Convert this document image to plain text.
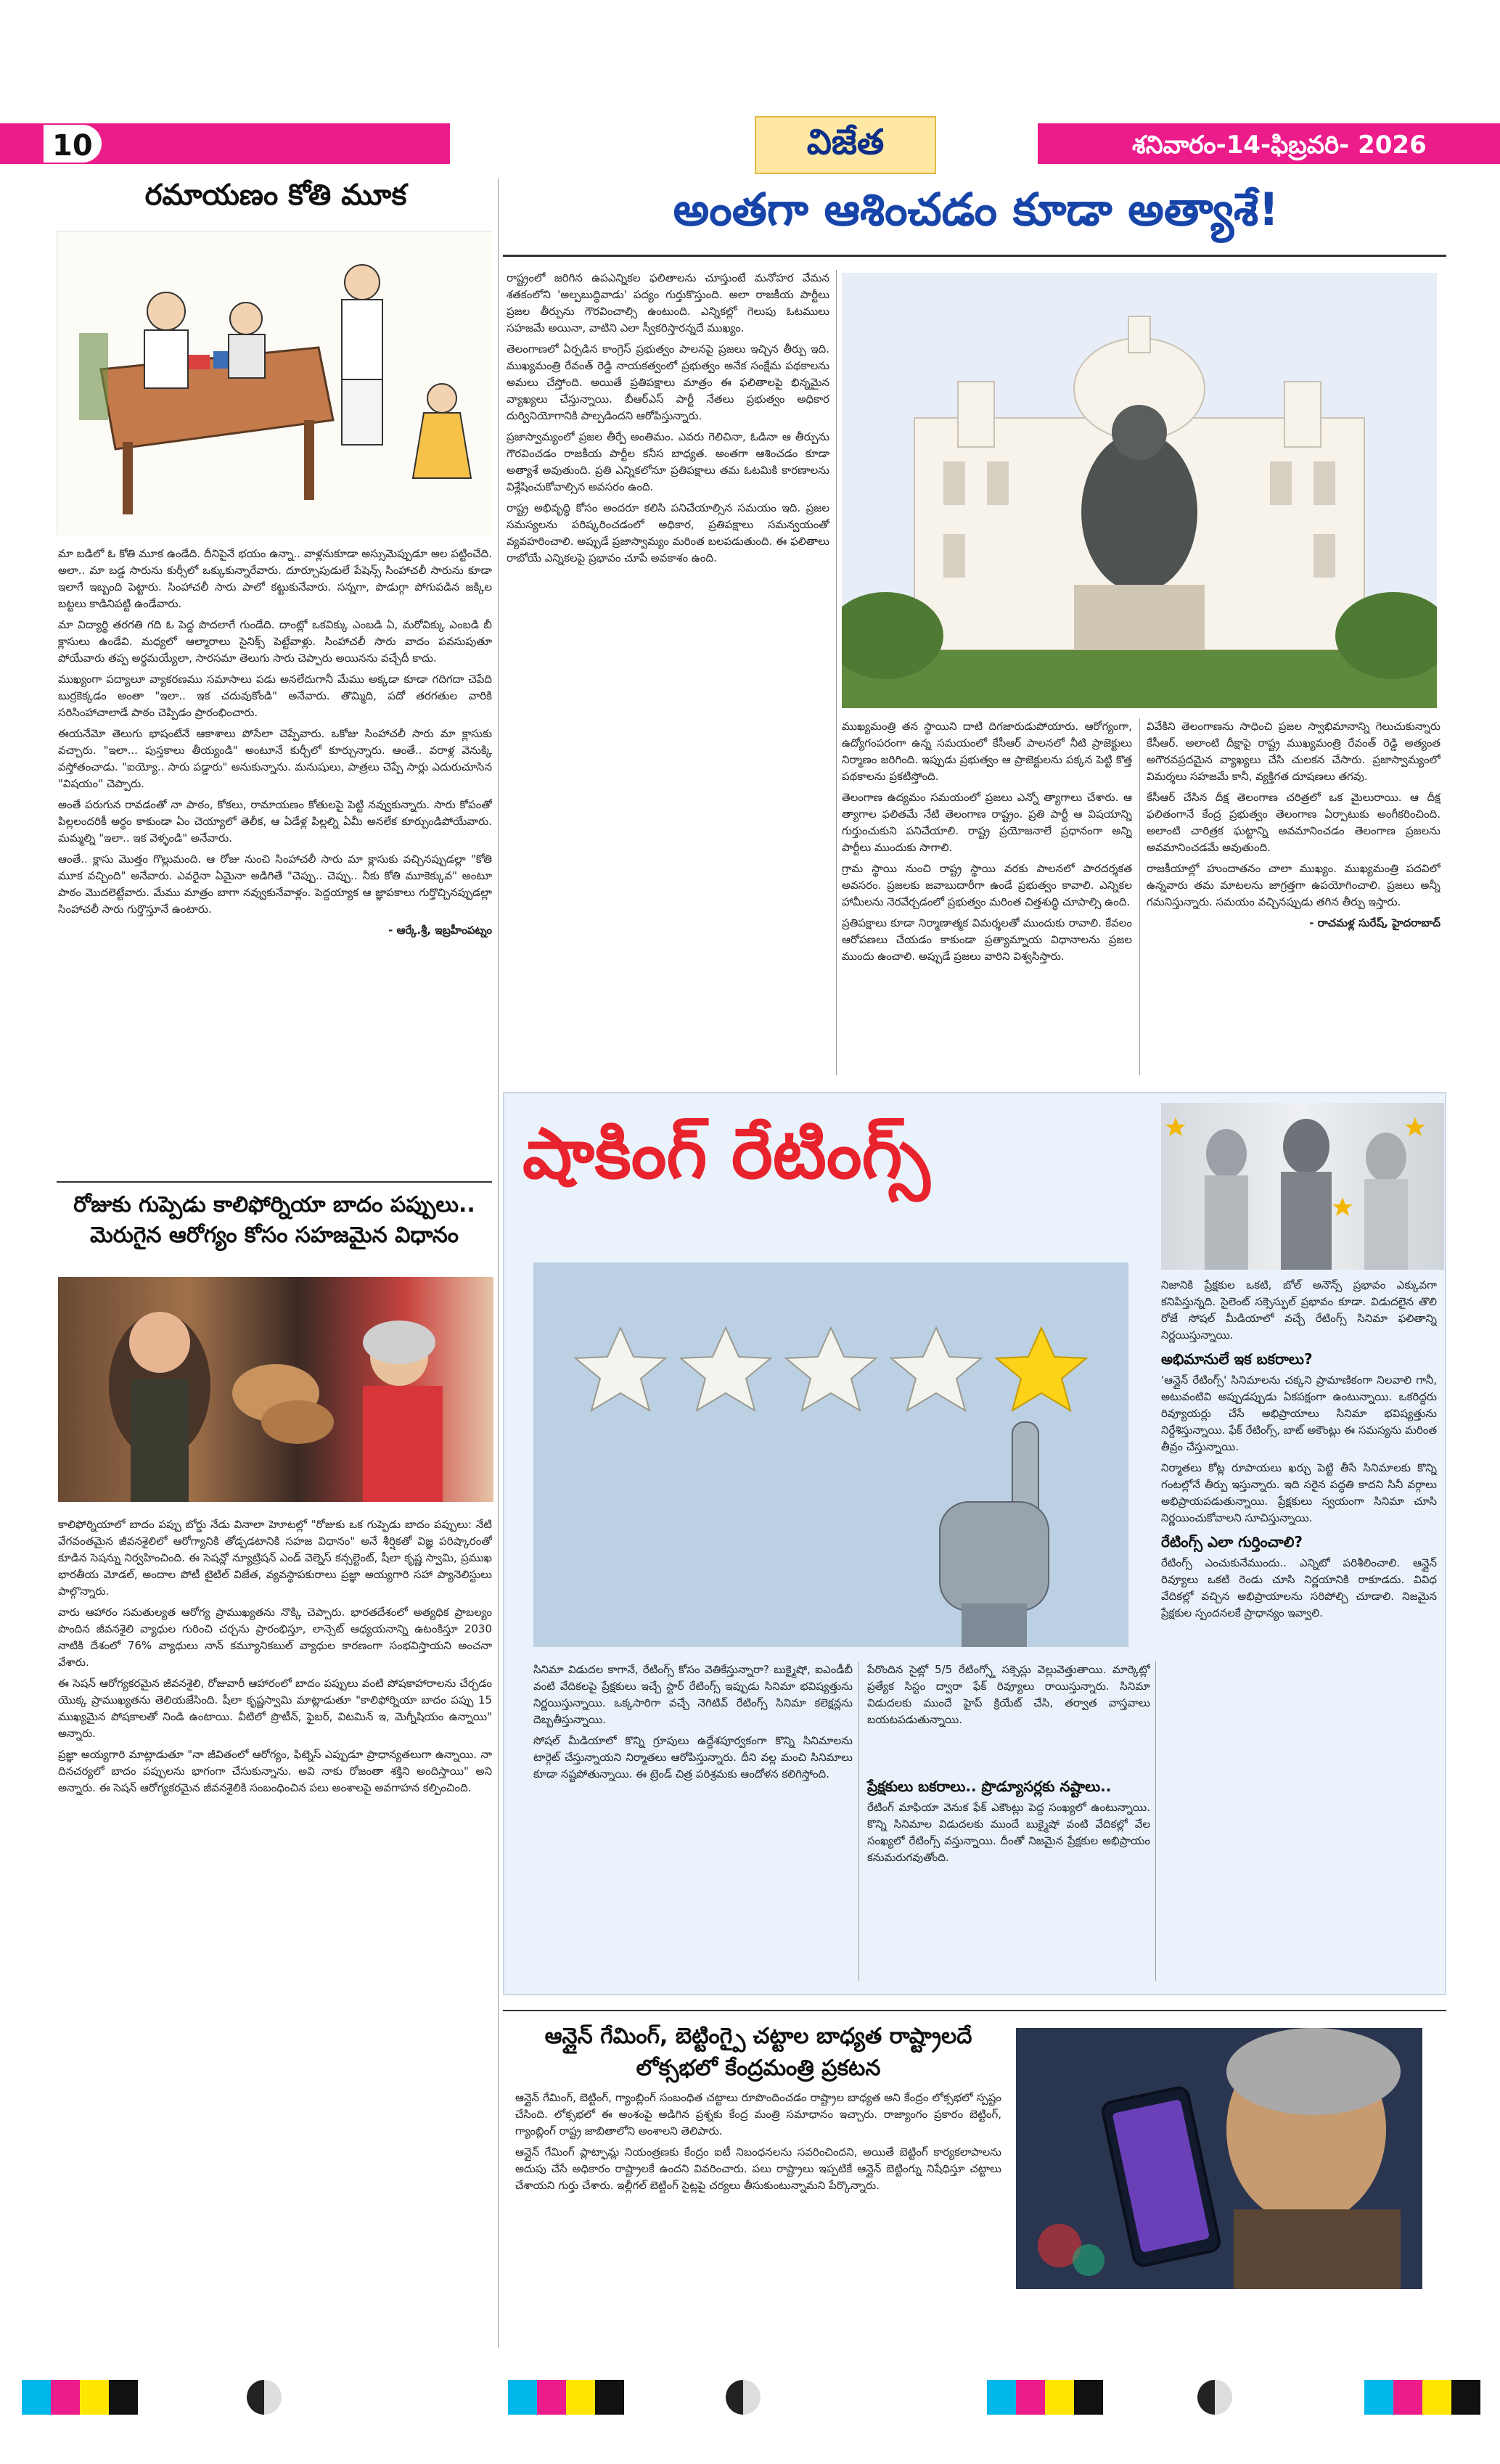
10	విజేత	శనివారం-14-ఫిబ్రవరి- 2026
రమాయణం కోతి మూక

మా బడిలో ఓ కోతి మూక ఉండేది. దీనిపైనే భయం ఉన్నా.. వాళ్లనుకూడా అస్సుమెప్పుడూ అల పట్టించేది. అలా.. మా బడ్డ సారును కుర్సీలో ఒక్కుకున్నారేవారు. దూర్చూపుడులే పేషెన్స్ సింహాచలీ సారును కూడా ఇలాగే ఇబ్బంది పెట్టారు. సింహాచలీ సారు పాలో కట్టుకునేవారు. సన్నగా, పొడుగ్గా పోగుపడిన జక్కిల బట్టలు కాడినిపట్టి ఉండేవారు.

మా విద్యార్థి తరగతి గది ఓ పెద్ద పొదలాగే గుండేది. దాంట్లో ఒకవిక్కు ఎంబడి ఏ, మరోవిక్కు ఎంబడి బీ క్లాసులు ఉండేవి. మధ్యలో ఆల్మారాలు సైనిక్స్ పెట్టేవాళ్లు. సింహాచలీ సారు వాదం పవసుపుతూ పోయేవారు తప్ప అర్థమయ్యేలా, సారసమా తెలుగు సారు చెప్పారు అయినను వచ్చేదీ కాదు.

ముఖ్యంగా పద్యాలూ వ్యాకరణము సమాసాలు పడు అనలేదుగానీ మేము అక్కడా కూడా గదిగదా చెపేది బుర్రకెక్కడం అంతా "ఇలా.. ఇక చదువుకోండి" అనేవారు. తొమ్మిది, పదో తరగతుల వారికి సరిసింహాచాలాడే పాఠం చెప్పిడం ప్రారంభించారు.

ఈయనేమో తెలుగు భాషంటేనే ఆకాశాలు పోసేలా చెప్పేవారు. ఒకోజు సింహాచలీ సారు మా క్లాసుకు వచ్చారు. "ఇలా... పుస్తకాలు తీయ్యండి" అంటూనే కుర్చీలో కూర్చున్నారు. ఆంతే.. వరాళ్ల వెనుక్కి వస్తోతంచాడు. "ఐయ్యో.. సారు పడ్డారు" అనుకున్నాను. మనుషులు, పాత్రలు చెప్పే సార్లు ఎదురుచూసిన "విషయం" చెప్పారు.

అంతే పరుగున రావడంతో నా పాఠం, కోకలు, రామాయణం కోతులపై పెట్టి నవ్వుకున్నారు. సారు కోపంతో పిల్లలందరికీ అర్థం కాకుండా ఏం చెయ్యాలో తెలీక, ఆ ఏడేళ్ల పిల్లల్ని ఏమీ అనలేక కూర్చుండిపోయేవారు. మమ్మల్ని "ఇలా.. ఇక వెళ్ళండి" అనేవారు.

ఆంతే.. క్లాసు మొత్తం గొల్లుమంది. ఆ రోజు నుంచి సింహాచలీ సారు మా క్లాసుకు వచ్చినప్పుడల్లా "కోతి మూక వచ్చింది" అనేవారు. ఎవరైనా ఏమైనా అడిగితే "చెప్పు.. చెప్పు.. నీకు కోతి మూకెక్కువ" అంటూ పాఠం మొదలెట్టేవారు. మేము మాత్రం బాగా నవ్వుకునేవాళ్లం. పెద్దయ్యాక ఆ జ్ఞాపకాలు గుర్తొచ్చినప్పుడల్లా సింహాచలీ సారు గుర్తొస్తూనే ఉంటారు.

- ఆర్కే.శ్రీ, ఇబ్రహీంపట్నం

రోజుకు గుప్పెడు కాలిఫోర్నియా బాదం పప్పులు.. మెరుగైన ఆరోగ్యం కోసం సహజమైన విధానం

కాలిఫోర్నియాలో బాదం పప్పు బోర్డు నేడు వినాలా హెూటల్లో "రోజుకు ఒక గుప్పెడు బాదం పప్పులు: నేటి వేగవంతమైన జీవనశైలిలో ఆరోగ్యానికి తోడ్పడటానికి సహజ విధానం" అనే శీర్షికతో విజ్ఞ పరిష్కారంతో కూడిన సెషన్ను నిర్వహించింది. ఈ సెషన్లో న్యూట్రిషన్ ఎండ్ వెల్నెస్ కన్సల్టెంట్, షీలా కృష్ణ స్వామి, ప్రముఖ భారతీయ మోడల్, అందాల పోటీ టైటిల్ విజేత, వ్యవస్థాపకురాలు ప్రజ్ఞా అయ్యగారి సహా ప్యానెలిస్టులు పాల్గొన్నారు.

వారు ఆహారం సమతుల్యత ఆరోగ్య ప్రాముఖ్యతను నొక్కి చెప్పారు. భారతదేశంలో అత్యధిక ప్రాబల్యం పొందిన జీవనశైలి వ్యాధుల గురించి చర్చను ప్రారంభిస్తూ, లాన్సెట్ ఆధ్యయనాన్ని ఉటంకిస్తూ 2030 నాటికి దేశంలో 76% వ్యాధులు నాన్ కమ్యూనికబుల్ వ్యాధుల కారణంగా సంభవిస్తాయని అంచనా వేశారు.

ఈ సెషన్ ఆరోగ్యకరమైన జీవనశైలి, రోజువారీ ఆహారంలో బాదం పప్పులు వంటి పోషకాహారాలను చేర్చడం యొక్క ప్రాముఖ్యతను తెలియజేసింది. షీలా కృష్ణస్వామి మాట్లాడుతూ "కాలిఫోర్నియా బాదం పప్పు 15 ముఖ్యమైన పోషకాలతో నిండి ఉంటాయి. వీటిలో ప్రొటీన్, ఫైబర్, విటమిన్ ఇ, మెగ్నీషియం ఉన్నాయి" అన్నారు.

ప్రజ్ఞా అయ్యగారి మాట్లాడుతూ "నా జీవితంలో ఆరోగ్యం, ఫిట్నెస్ ఎప్పుడూ ప్రాధాన్యతలుగా ఉన్నాయి. నా దినచర్యలో బాదం పప్పులను భాగంగా చేసుకున్నాను. అవి నాకు రోజంతా శక్తిని అందిస్తాయి" అని అన్నారు. ఈ సెషన్ ఆరోగ్యకరమైన జీవనశైలికి సంబంధించిన పలు అంశాలపై అవగాహన కల్పించింది.

అంతగా ఆశించడం కూడా అత్యాశే!

రాష్ట్రంలో జరిగిన ఉపఎన్నికల ఫలితాలను చూస్తుంటే మనోహర వేమన శతకంలోని 'అల్పబుద్ధివాడు' పద్యం గుర్తుకొస్తుంది. అలా రాజకీయ పార్టీలు ప్రజల తీర్పును గౌరవించాల్సి ఉంటుంది. ఎన్నికల్లో గెలుపు ఓటములు సహజమే అయినా, వాటిని ఎలా స్వీకరిస్తారన్నదే ముఖ్యం.

తెలంగాణలో ఏర్పడిన కాంగ్రెస్ ప్రభుత్వం పాలనపై ప్రజలు ఇచ్చిన తీర్పు ఇది. ముఖ్యమంత్రి రేవంత్ రెడ్డి నాయకత్వంలో ప్రభుత్వం అనేక సంక్షేమ పథకాలను అమలు చేస్తోంది. అయితే ప్రతిపక్షాలు మాత్రం ఈ ఫలితాలపై భిన్నమైన వ్యాఖ్యలు చేస్తున్నాయి. బీఆర్ఎస్ పార్టీ నేతలు ప్రభుత్వం అధికార దుర్వినియోగానికి పాల్పడిందని ఆరోపిస్తున్నారు.

ప్రజాస్వామ్యంలో ప్రజల తీర్పే అంతిమం. ఎవరు గెలిచినా, ఓడినా ఆ తీర్పును గౌరవించడం రాజకీయ పార్టీల కనీస బాధ్యత. అంతగా ఆశించడం కూడా అత్యాశే అవుతుంది. ప్రతి ఎన్నికలోనూ ప్రతిపక్షాలు తమ ఓటమికి కారణాలను విశ్లేషించుకోవాల్సిన అవసరం ఉంది.

రాష్ట్ర అభివృద్ధి కోసం అందరూ కలిసి పనిచేయాల్సిన సమయం ఇది. ప్రజల సమస్యలను పరిష్కరించడంలో అధికార, ప్రతిపక్షాలు సమన్వయంతో వ్యవహరించాలి. అప్పుడే ప్రజాస్వామ్యం మరింత బలపడుతుంది. ఈ ఫలితాలు రాబోయే ఎన్నికలపై ప్రభావం చూపే అవకాశం ఉంది.

ముఖ్యమంత్రి తన స్థాయిని దాటి దిగజారుడుపోయారు. ఆరోగ్యంగా, ఉద్యోగంపరంగా ఉన్న సమయంలో కేసీఆర్ పాలనలో నీటి ప్రాజెక్టులు నిర్మాణం జరిగింది. ఇప్పుడు ప్రభుత్వం ఆ ప్రాజెక్టులను పక్కన పెట్టి కొత్త పథకాలను ప్రకటిస్తోంది.

తెలంగాణ ఉద్యమం సమయంలో ప్రజలు ఎన్నో త్యాగాలు చేశారు. ఆ త్యాగాల ఫలితమే నేటి తెలంగాణ రాష్ట్రం. ప్రతి పార్టీ ఆ విషయాన్ని గుర్తుంచుకుని పనిచేయాలి. రాష్ట్ర ప్రయోజనాలే ప్రధానంగా అన్ని పార్టీలు ముందుకు సాగాలి.

గ్రామ స్థాయి నుంచి రాష్ట్ర స్థాయి వరకు పాలనలో పారదర్శకత అవసరం. ప్రజలకు జవాబుదారీగా ఉండే ప్రభుత్వం కావాలి. ఎన్నికల హామీలను నెరవేర్చడంలో ప్రభుత్వం మరింత చిత్తశుద్ధి చూపాల్సి ఉంది.

ప్రతిపక్షాలు కూడా నిర్మాణాత్మక విమర్శలతో ముందుకు రావాలి. కేవలం ఆరోపణలు చేయడం కాకుండా ప్రత్యామ్నాయ విధానాలను ప్రజల ముందు ఉంచాలి. అప్పుడే ప్రజలు వారిని విశ్వసిస్తారు.

వివేకిని తెలంగాణను సాధించి ప్రజల స్వాభిమానాన్ని గెలుచుకున్నారు కేసీఆర్. అలాంటి దీక్షాపై రాష్ట్ర ముఖ్యమంత్రి రేవంత్ రెడ్డి అత్యంత అగౌరవప్రదమైన వ్యాఖ్యలు చేసి చులకన చేసారు. ప్రజాస్వామ్యంలో విమర్శలు సహజమే కానీ, వ్యక్తిగత దూషణలు తగవు.

కేసీఆర్ చేసిన దీక్ష తెలంగాణ చరిత్రలో ఒక మైలురాయి. ఆ దీక్ష ఫలితంగానే కేంద్ర ప్రభుత్వం తెలంగాణ ఏర్పాటుకు అంగీకరించింది. అలాంటి చారిత్రక ఘట్టాన్ని అవమానించడం తెలంగాణ ప్రజలను అవమానించడమే అవుతుంది.

రాజకీయాల్లో హుందాతనం చాలా ముఖ్యం. ముఖ్యమంత్రి పదవిలో ఉన్నవారు తమ మాటలను జాగ్రత్తగా ఉపయోగించాలి. ప్రజలు అన్నీ గమనిస్తున్నారు. సమయం వచ్చినప్పుడు తగిన తీర్పు ఇస్తారు.

- రాచమళ్ల సురేష్, హైదరాబాద్

షాకింగ్ రేటింగ్స్

నిజానికి ప్రేక్షకుల ఒకటి, బోల్ అనౌన్స్ ప్రభావం ఎక్కువగా కనిపిస్తున్నది. సైలెంట్ సక్సెస్ఫుల్ ప్రభావం కూడా. విడుదలైన తొలి రోజే సోషల్ మీడియాలో వచ్చే రేటింగ్స్ సినిమా ఫలితాన్ని నిర్ణయిస్తున్నాయి.

అభిమానులే ఇక బకరాలు?

'ఆన్లైన్ రేటింగ్స్' సినిమాలను చక్కని ప్రామాణికంగా నిలవాలి గానీ, అటువంటివి అప్పుడప్పుడు ఏకపక్షంగా ఉంటున్నాయి. ఒకరిద్దరు రివ్యూయర్లు చేసే అభిప్రాయాలు సినిమా భవిష్యత్తును నిర్దేశిస్తున్నాయి. ఫేక్ రేటింగ్స్, బాట్ అకౌంట్లు ఈ సమస్యను మరింత తీవ్రం చేస్తున్నాయి.

నిర్మాతలు కోట్ల రూపాయలు ఖర్చు పెట్టి తీసే సినిమాలకు కొన్ని గంటల్లోనే తీర్పు ఇస్తున్నారు. ఇది సరైన పద్ధతి కాదని సినీ వర్గాలు అభిప్రాయపడుతున్నాయి. ప్రేక్షకులు స్వయంగా సినిమా చూసి నిర్ణయించుకోవాలని సూచిస్తున్నాయి.

రేటింగ్స్ ఎలా గుర్తించాలి?

రేటింగ్స్ ఎంచుకునేముందు.. ఎన్నిటో పరిశీలించాలి. ఆన్లైన్ రివ్యూలు ఒకటి రెండు చూసి నిర్ణయానికి రాకూడదు. వివిధ వేదికల్లో వచ్చిన అభిప్రాయాలను సరిపోల్చి చూడాలి. నిజమైన ప్రేక్షకుల స్పందనలకే ప్రాధాన్యం ఇవ్వాలి.

సినిమా విడుదల కాగానే, రేటింగ్స్ కోసం వెతికేస్తున్నారా? బుక్మైషో, ఐఎండీబీ వంటి వేదికలపై ప్రేక్షకులు ఇచ్చే స్టార్ రేటింగ్స్ ఇప్పుడు సినిమా భవిష్యత్తును నిర్ణయిస్తున్నాయి. ఒక్కసారిగా వచ్చే నెగిటివ్ రేటింగ్స్ సినిమా కలెక్షన్లను దెబ్బతీస్తున్నాయి.

సోషల్ మీడియాలో కొన్ని గ్రూపులు ఉద్దేశపూర్వకంగా కొన్ని సినిమాలను టార్గెట్ చేస్తున్నాయని నిర్మాతలు ఆరోపిస్తున్నారు. దీని వల్ల మంచి సినిమాలు కూడా నష్టపోతున్నాయి. ఈ ట్రెండ్ చిత్ర పరిశ్రమకు ఆందోళన కలిగిస్తోంది.

పేరొందిన సైట్లో 5/5 రేటింగ్స్తో సక్సెస్లు వెల్లువెత్తుతాయి. మార్కెట్లో ప్రత్యేక సిస్టం ద్వారా ఫేక్ రివ్యూలు రాయిస్తున్నారు. సినిమా విడుదలకు ముందే హైప్ క్రియేట్ చేసి, తర్వాత వాస్తవాలు బయటపడుతున్నాయి.

ప్రేక్షకులు బకరాలు.. ప్రొడ్యూసర్లకు నష్టాలు..

రేటింగ్ మాఫియా వెనుక ఫేక్ ఎకౌంట్లు పెద్ద సంఖ్యలో ఉంటున్నాయి. కొన్ని సినిమాల విడుదలకు ముందే బుక్మైషో వంటి వేదికల్లో వేల సంఖ్యలో రేటింగ్స్ వస్తున్నాయి. దీంతో నిజమైన ప్రేక్షకుల అభిప్రాయం కనుమరుగవుతోంది.

ఆన్లైన్ గేమింగ్, బెట్టింగ్పై చట్టాల బాధ్యత రాష్ట్రాలదే లోక్సభలో కేంద్రమంత్రి ప్రకటన

ఆన్లైన్ గేమింగ్, బెట్టింగ్, గ్యాంబ్లింగ్ సంబంధిత చట్టాలు రూపొందించడం రాష్ట్రాల బాధ్యత అని కేంద్రం లోక్సభలో స్పష్టం చేసింది. లోక్సభలో ఈ అంశంపై అడిగిన ప్రశ్నకు కేంద్ర మంత్రి సమాధానం ఇచ్చారు. రాజ్యాంగం ప్రకారం బెట్టింగ్, గ్యాంబ్లింగ్ రాష్ట్ర జాబితాలోని అంశాలని తెలిపారు.

ఆన్లైన్ గేమింగ్ ప్లాట్ఫామ్ల నియంత్రణకు కేంద్రం ఐటీ నిబంధనలను సవరించిందని, అయితే బెట్టింగ్ కార్యకలాపాలను అదుపు చేసే అధికారం రాష్ట్రాలకే ఉందని వివరించారు. పలు రాష్ట్రాలు ఇప్పటికే ఆన్లైన్ బెట్టింగ్ను నిషేధిస్తూ చట్టాలు చేశాయని గుర్తు చేశారు. ఇల్లీగల్ బెట్టింగ్ సైట్లపై చర్యలు తీసుకుంటున్నామని పేర్కొన్నారు.
